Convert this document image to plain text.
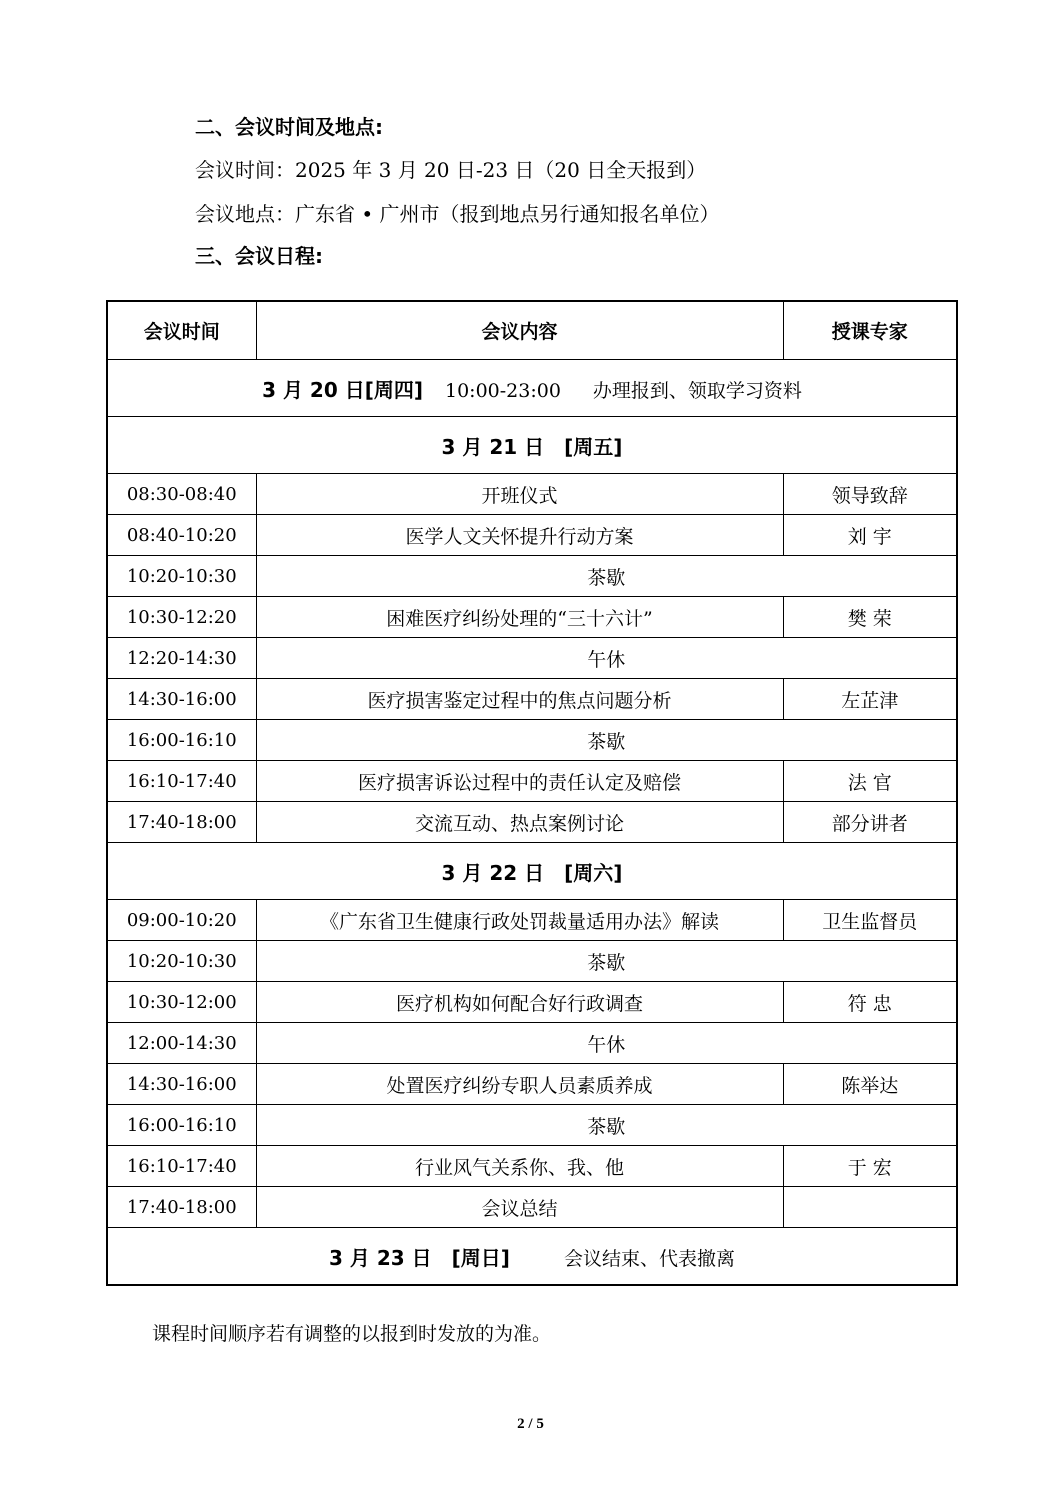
二、会议时间及地点:
会议时间：2025 年 3 月 20 日-23 日（20 日全天报到）
会议地点：广东省 • 广州市（报到地点另行通知报名单位）
三、会议日程:
会议时间	会议内容	授课专家
3 月 20 日[周四] 10:00-23:00 办理报到、领取学习资料		
3 月 21 日　[周五]		
08:30-08:40	开班仪式	领导致辞
08:40-10:20	医学人文关怀提升行动方案	刘 宇
10:20-10:30	茶歇	
10:30-12:20	困难医疗纠纷处理的“三十六计”	樊 荣
12:20-14:30	午休	
14:30-16:00	医疗损害鉴定过程中的焦点问题分析	左芷津
16:00-16:10	茶歇	
16:10-17:40	医疗损害诉讼过程中的责任认定及赔偿	法 官
17:40-18:00	交流互动、热点案例讨论	部分讲者
3 月 22 日　[周六]		
09:00-10:20	《广东省卫生健康行政处罚裁量适用办法》解读	卫生监督员
10:20-10:30	茶歇	
10:30-12:00	医疗机构如何配合好行政调查	符 忠
12:00-14:30	午休	
14:30-16:00	处置医疗纠纷专职人员素质养成	陈举达
16:00-16:10	茶歇	
16:10-17:40	行业风气关系你、我、他	于 宏
17:40-18:00	会议总结	
3 月 23 日　[周日] 会议结束、代表撤离		
课程时间顺序若有调整的以报到时发放的为准。
2 / 5
